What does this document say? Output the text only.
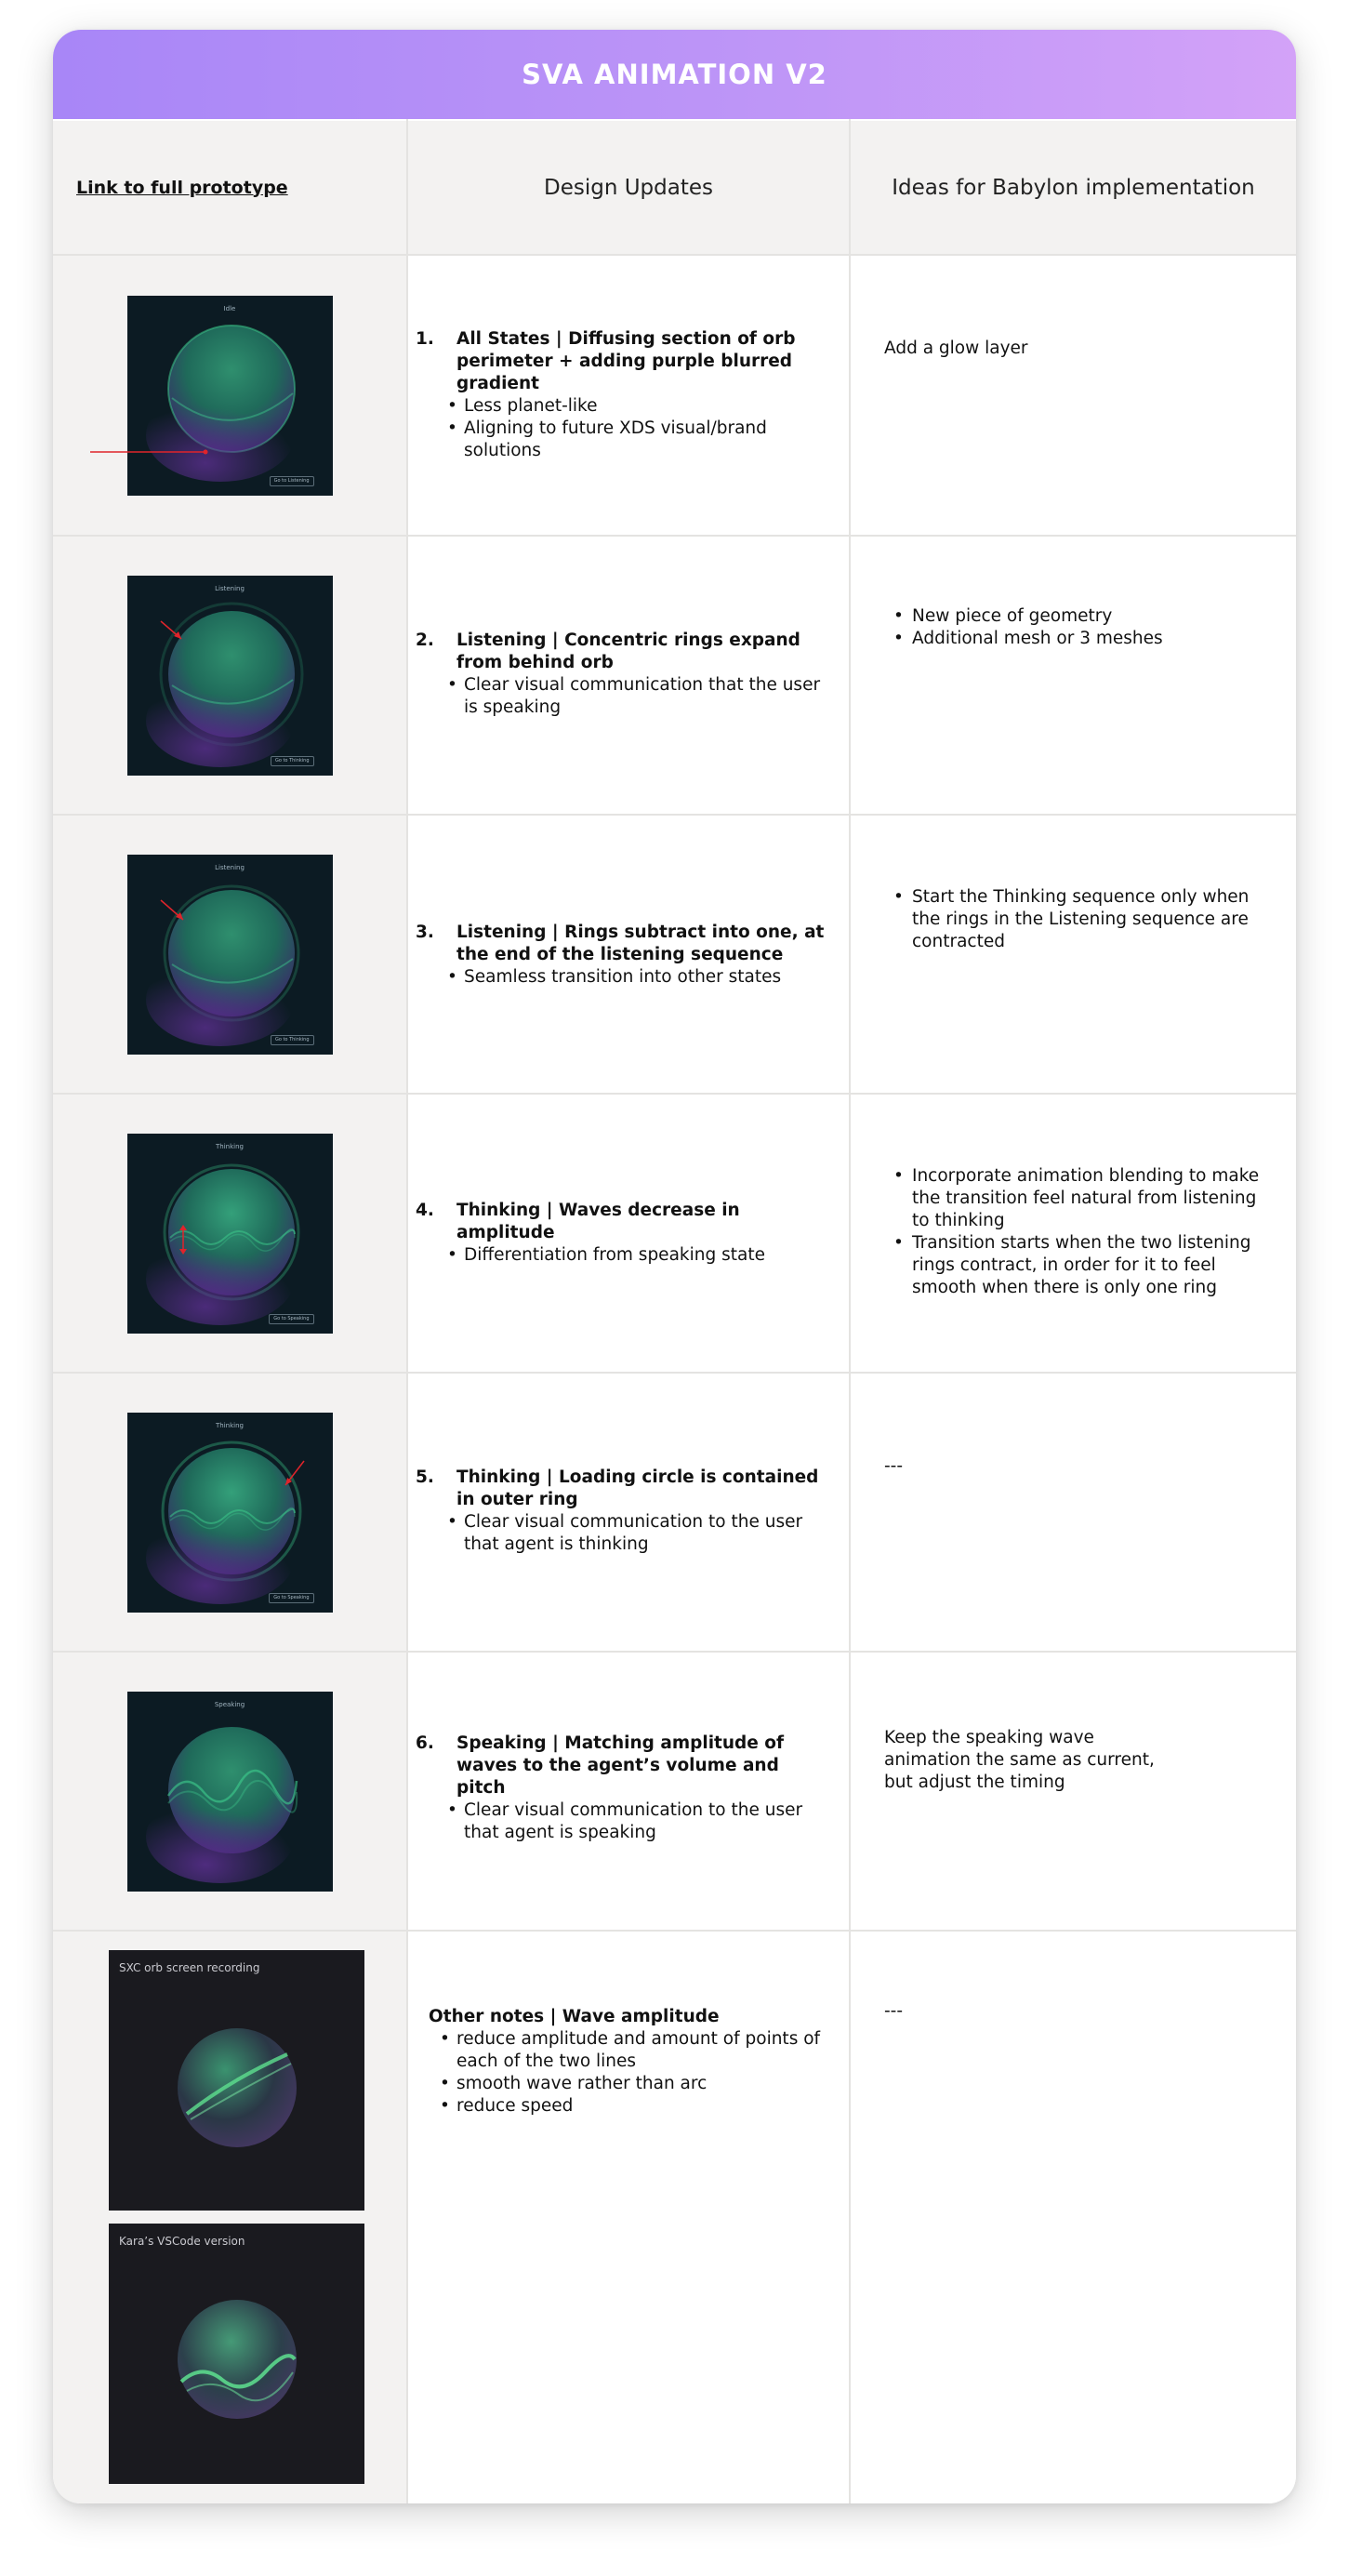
SVA ANIMATION V2
Link to full prototype	Design Updates	Ideas for Babylon implementation
Idle
Go to Listening
1. All States | Diffusing section of orb perimeter + adding purple blurred gradient
• Less planet-like
• Aligning to future XDS visual/brand solutions
Add a glow layer
Listening
Go to Thinking
2. Listening | Concentric rings expand from behind orb
• Clear visual communication that the user is speaking
• New piece of geometry
• Additional mesh or 3 meshes
Listening
Go to Thinking
3. Listening | Rings subtract into one, at the end of the listening sequence
• Seamless transition into other states
• Start the Thinking sequence only when the rings in the Listening sequence are contracted
Thinking
Go to Speaking
4. Thinking | Waves decrease in amplitude
• Differentiation from speaking state
• Incorporate animation blending to make the transition feel natural from listening to thinking
• Transition starts when the two listening rings contract, in order for it to feel smooth when there is only one ring
Thinking
Go to Speaking
5. Thinking | Loading circle is contained in outer ring
• Clear visual communication to the user that agent is thinking
---
Speaking
6. Speaking | Matching amplitude of waves to the agent’s volume and pitch
• Clear visual communication to the user that agent is speaking
Keep the speaking wave
animation the same as current,
but adjust the timing
SXC orb screen recording
Kara’s VSCode version
Other notes | Wave amplitude
• reduce amplitude and amount of points of each of the two lines
• smooth wave rather than arc
• reduce speed
---
